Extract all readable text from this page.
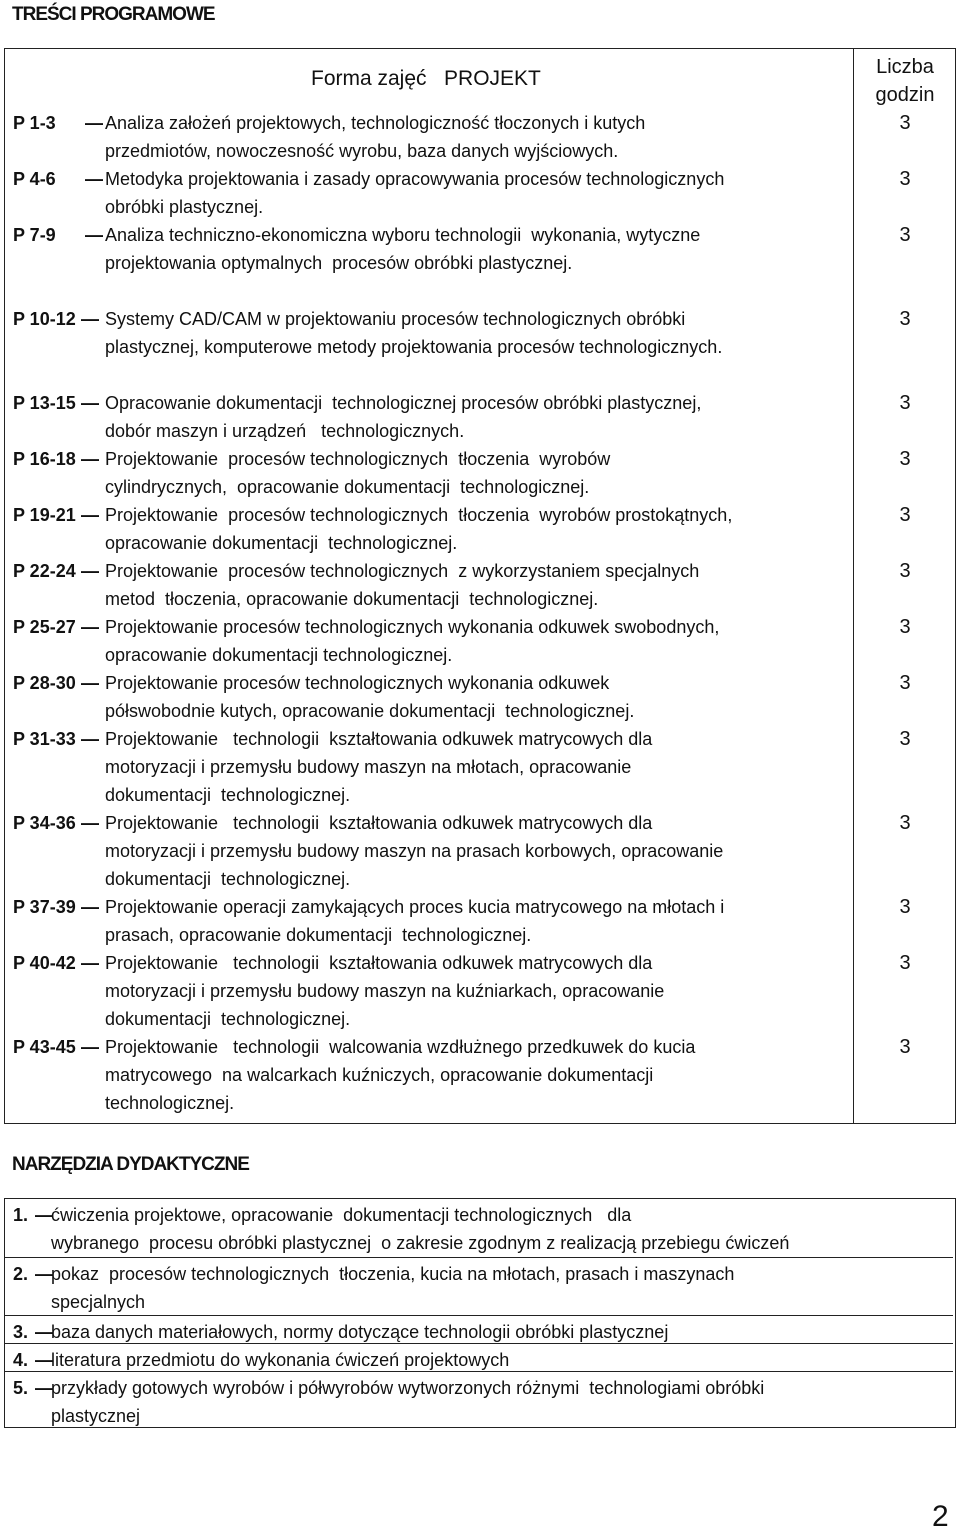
TREŚCI PROGRAMOWE
Forma zajęć   PROJEKT	Liczba
godzin
P 1-3 — Analiza założeń projektowych, technologiczność tłoczonych i kutych
przedmiotów, nowoczesność wyrobu, baza danych wyjściowych.
3
P 4-6 — Metodyka projektowania i zasady opracowywania procesów technologicznych
obróbki plastycznej.
3
P 7-9 — Analiza techniczno-ekonomiczna wyboru technologii  wykonania, wytyczne
projektowania optymalnych  procesów obróbki plastycznej.
3
P 10-12 — Systemy CAD/CAM w projektowaniu procesów technologicznych obróbki
plastycznej, komputerowe metody projektowania procesów technologicznych.
3
P 13-15 — Opracowanie dokumentacji  technologicznej procesów obróbki plastycznej,
dobór maszyn i urządzeń   technologicznych.
3
P 16-18 — Projektowanie  procesów technologicznych  tłoczenia  wyrobów
cylindrycznych,  opracowanie dokumentacji  technologicznej.
3
P 19-21 — Projektowanie  procesów technologicznych  tłoczenia  wyrobów prostokątnych,
opracowanie dokumentacji  technologicznej.
3
P 22-24 — Projektowanie  procesów technologicznych  z wykorzystaniem specjalnych
metod  tłoczenia, opracowanie dokumentacji  technologicznej.
3
P 25-27 — Projektowanie procesów technologicznych wykonania odkuwek swobodnych,
opracowanie dokumentacji technologicznej.
3
P 28-30 — Projektowanie procesów technologicznych wykonania odkuwek
półswobodnie kutych, opracowanie dokumentacji  technologicznej.
3
P 31-33 — Projektowanie   technologii  kształtowania odkuwek matrycowych dla
motoryzacji i przemysłu budowy maszyn na młotach, opracowanie
dokumentacji  technologicznej.
3
P 34-36 — Projektowanie   technologii  kształtowania odkuwek matrycowych dla
motoryzacji i przemysłu budowy maszyn na prasach korbowych, opracowanie
dokumentacji  technologicznej.
3
P 37-39 — Projektowanie operacji zamykających proces kucia matrycowego na młotach i
prasach, opracowanie dokumentacji  technologicznej.
3
P 40-42 — Projektowanie   technologii  kształtowania odkuwek matrycowych dla
motoryzacji i przemysłu budowy maszyn na kuźniarkach, opracowanie
dokumentacji  technologicznej.
3
P 43-45 — Projektowanie   technologii  walcowania wzdłużnego przedkuwek do kucia
matrycowego  na walcarkach kuźniczych, opracowanie dokumentacji
technologicznej.
3
NARZĘDZIA DYDAKTYCZNE
1. —
ćwiczenia projektowe, opracowanie  dokumentacji technologicznych   dla
wybranego  procesu obróbki plastycznej  o zakresie zgodnym z realizacją przebiegu ćwiczeń
2. —
pokaz  procesów technologicznych  tłoczenia, kucia na młotach, prasach i maszynach
specjalnych
3. —
baza danych materiałowych, normy dotyczące technologii obróbki plastycznej
4. —
literatura przedmiotu do wykonania ćwiczeń projektowych
5. —
przykłady gotowych wyrobów i półwyrobów wytworzonych różnymi  technologiami obróbki
plastycznej
2
